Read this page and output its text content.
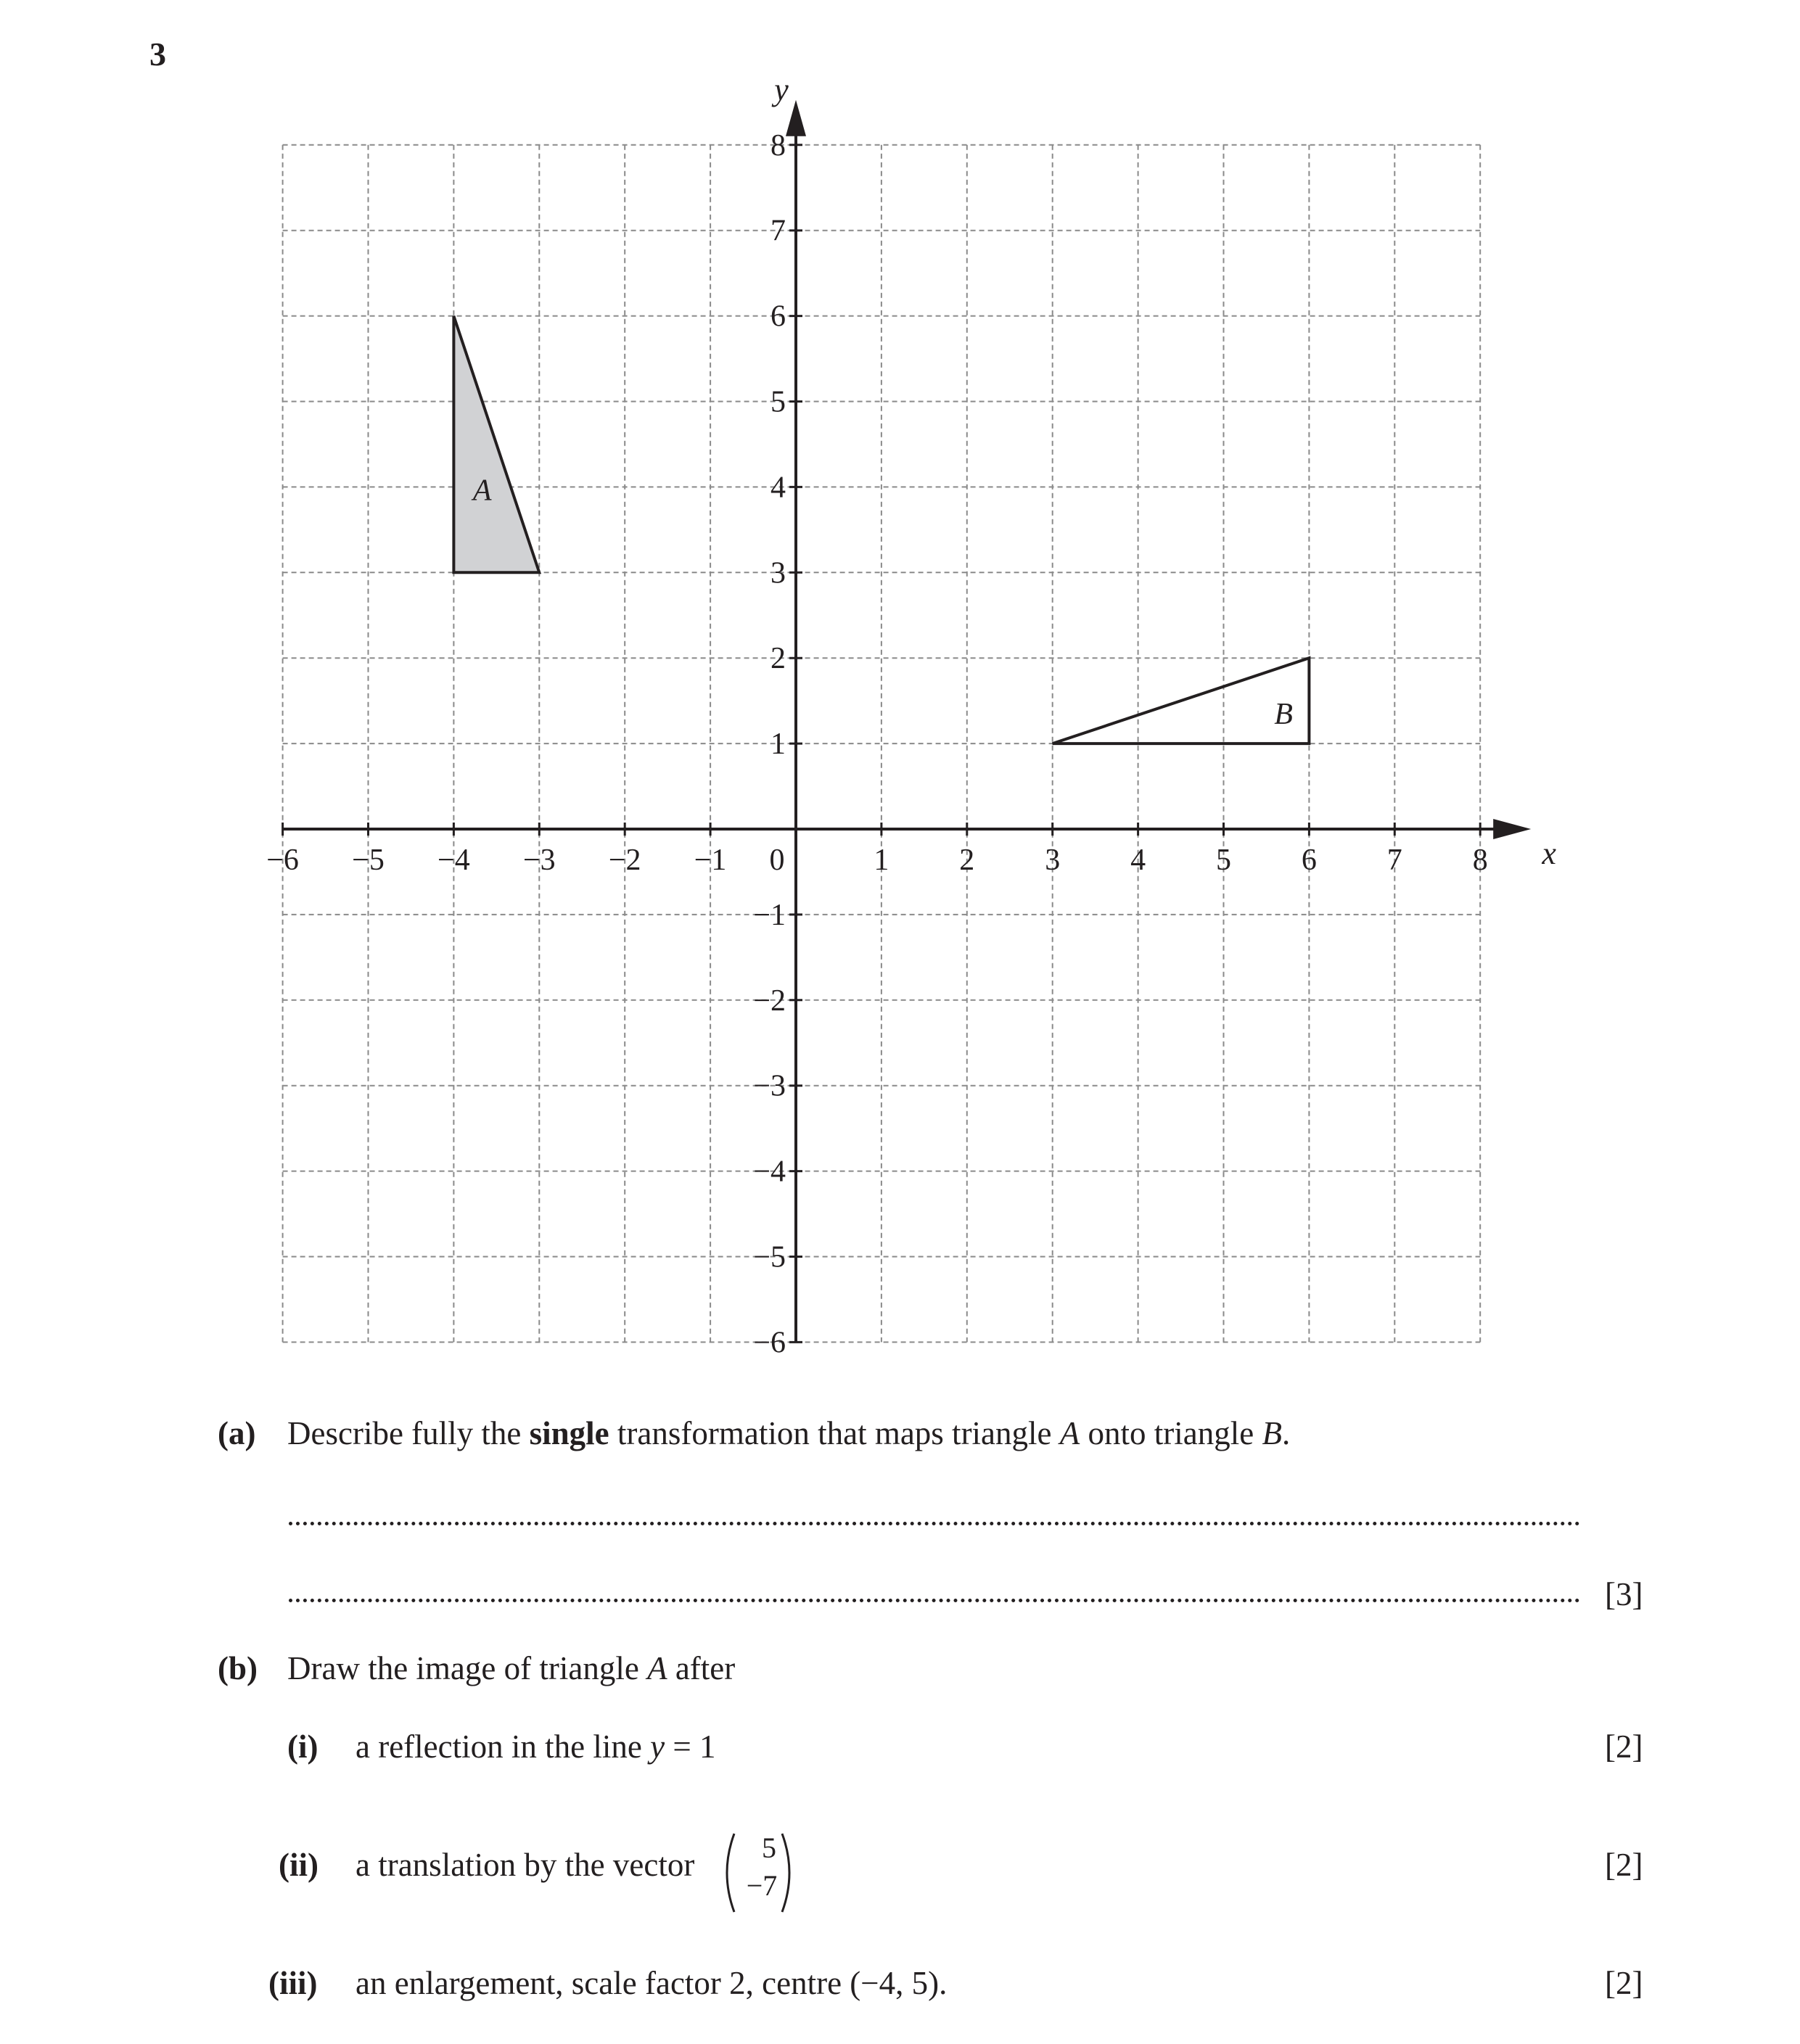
3
A
B
−6 −5 −4 −3 −2 −1 0	1 2 3 4 5 6 7 8
8
7
6
5
4
3
2
1
−1
−2
−3
−4
−5
−6
x
y
(a) Describe fully the single transformation that maps triangle A onto triangle B.
[3]
(b) Draw the image of triangle A after
(i) a reflection in the line y = 1	[2]
(ii) a translation by the vector	5
−7
[2]
(iii) an enlargement, scale factor 2, centre (−4, 5).	[2]
